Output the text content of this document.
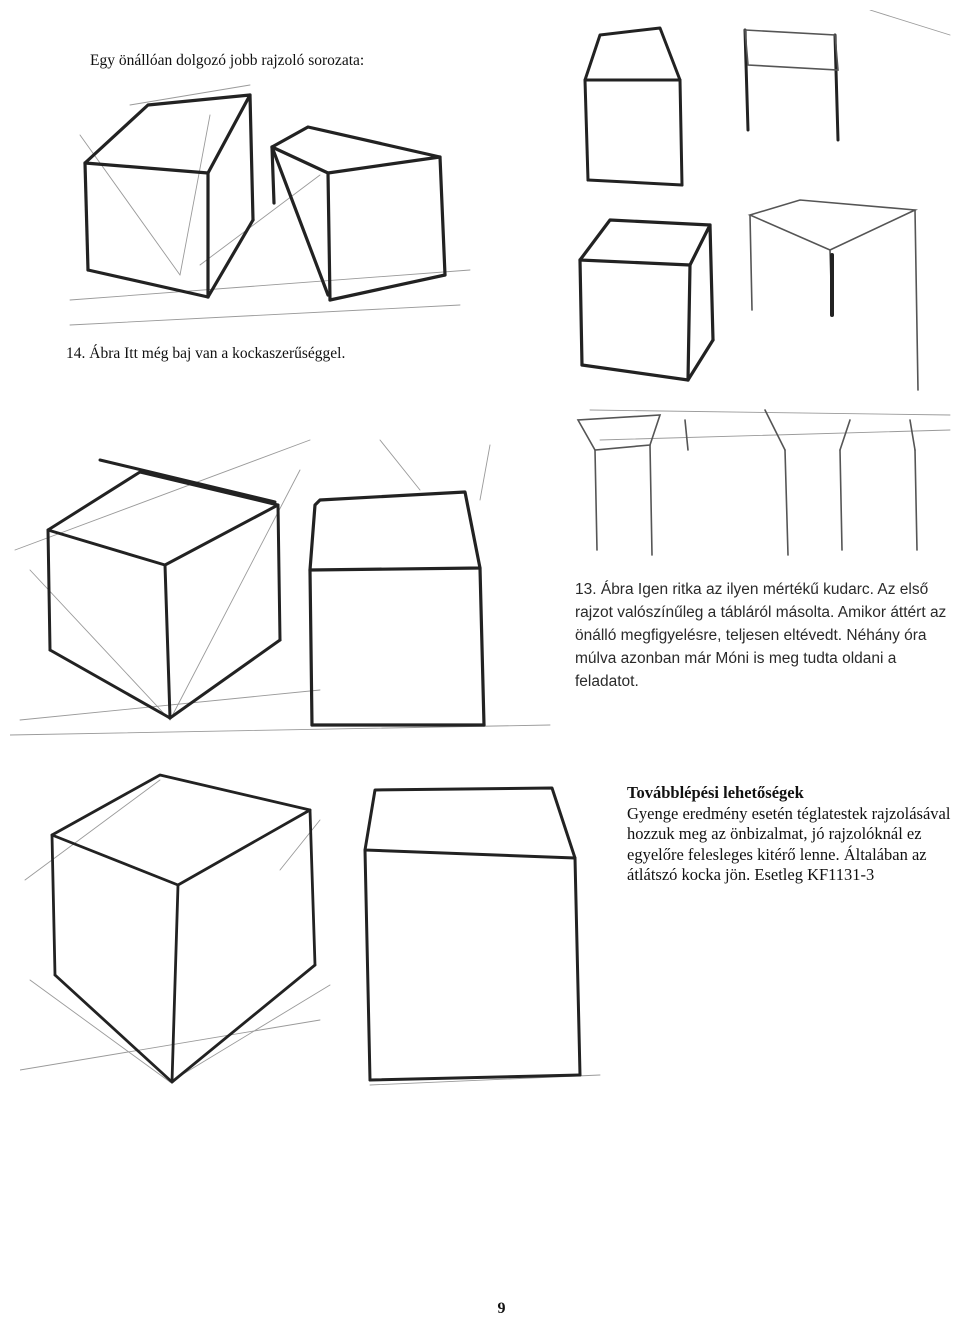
Egy önállóan dolgozó jobb rajzoló sorozata:
14. Ábra Itt még baj van a kockaszerűséggel.
13. Ábra Igen ritka az ilyen mértékű kudarc. Az első rajzot valószínűleg a tábláról másolta. Amikor áttért az önálló megfigyelésre, teljesen eltévedt. Néhány óra múlva azonban már Móni is meg tudta oldani a feladatot.
Továbblépési lehetőségek
Gyenge eredmény esetén téglatestek rajzolásával hozzuk meg az önbizalmat, jó rajzolóknál ez egyelőre felesleges kitérő lenne. Általában az átlátszó kocka jön. Esetleg KF1131-3
9
